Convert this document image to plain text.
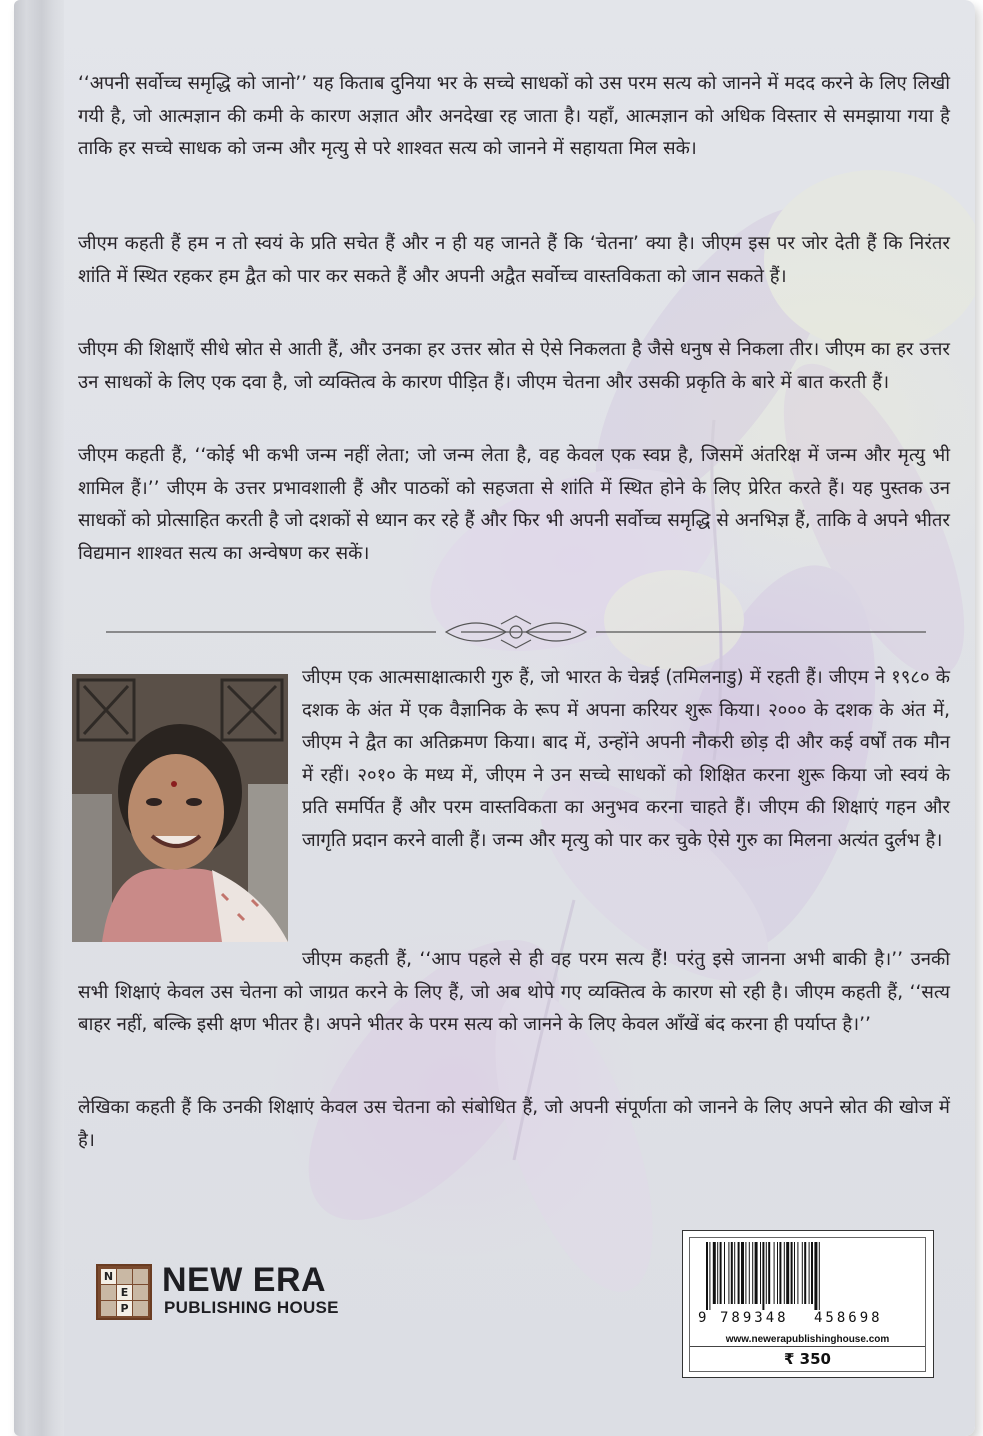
‘‘अपनी सर्वोच्च समृद्धि को जानो’’ यह किताब दुनिया भर के सच्चे साधकों को उस परम सत्य को जानने में मदद करने के लिए लिखी गयी है, जो आत्मज्ञान की कमी के कारण अज्ञात और अनदेखा रह जाता है। यहाँ, आत्मज्ञान को अधिक विस्तार से समझाया गया है ताकि हर सच्चे साधक को जन्म और मृत्यु से परे शाश्वत सत्य को जानने में सहायता मिल सके।

जीएम कहती हैं हम न तो स्वयं के प्रति सचेत हैं और न ही यह जानते हैं कि ‘चेतना’ क्या है। जीएम इस पर जोर देती हैं कि निरंतर शांति में स्थित रहकर हम द्वैत को पार कर सकते हैं और अपनी अद्वैत सर्वोच्च वास्तविकता को जान सकते हैं।

जीएम की शिक्षाएँ सीधे स्रोत से आती हैं, और उनका हर उत्तर स्रोत से ऐसे निकलता है जैसे धनुष से निकला तीर। जीएम का हर उत्तर उन साधकों के लिए एक दवा है, जो व्यक्तित्व के कारण पीड़ित हैं। जीएम चेतना और उसकी प्रकृति के बारे में बात करती हैं।

जीएम कहती हैं, ‘‘कोई भी कभी जन्म नहीं लेता; जो जन्म लेता है, वह केवल एक स्वप्न है, जिसमें अंतरिक्ष में जन्म और मृत्यु भी शामिल हैं।’’ जीएम के उत्तर प्रभावशाली हैं और पाठकों को सहजता से शांति में स्थित होने के लिए प्रेरित करते हैं। यह पुस्तक उन साधकों को प्रोत्साहित करती है जो दशकों से ध्यान कर रहे हैं और फिर भी अपनी सर्वोच्च समृद्धि से अनभिज्ञ हैं, ताकि वे अपने भीतर विद्यमान शाश्वत सत्य का अन्वेषण कर सकें।

जीएम एक आत्मसाक्षात्कारी गुरु हैं, जो भारत के चेन्नई (तमिलनाडु) में रहती हैं। जीएम ने १९८० के दशक के अंत में एक वैज्ञानिक के रूप में अपना करियर शुरू किया। २००० के दशक के अंत में, जीएम ने द्वैत का अतिक्रमण किया। बाद में, उन्होंने अपनी नौकरी छोड़ दी और कई वर्षों तक मौन में रहीं। २०१० के मध्य में, जीएम ने उन सच्चे साधकों को शिक्षित करना शुरू किया जो स्वयं के प्रति समर्पित हैं और परम वास्तविकता का अनुभव करना चाहते हैं। जीएम की शिक्षाएं गहन और जागृति प्रदान करने वाली हैं। जन्म और मृत्यु को पार कर चुके ऐसे गुरु का मिलना अत्यंत दुर्लभ है।

जीएम कहती हैं, ‘‘आप पहले से ही वह परम सत्य हैं! परंतु इसे जानना अभी बाकी है।’’ उनकी सभी शिक्षाएं केवल उस चेतना को जाग्रत करने के लिए हैं, जो अब थोपे गए व्यक्तित्व के कारण सो रही है। जीएम कहती हैं, ‘‘सत्य बाहर नहीं, बल्कि इसी क्षण भीतर है। अपने भीतर के परम सत्य को जानने के लिए केवल आँखें बंद करना ही पर्याप्त है।’’

लेखिका कहती हैं कि उनकी शिक्षाएं केवल उस चेतना को संबोधित हैं, जो अपनी संपूर्णता को जानने के लिए अपने स्रोत की खोज में है।

N
E
P
NEW ERA
PUBLISHING HOUSE
9 789348 458698
www.newerapublishinghouse.com
₹ 350
